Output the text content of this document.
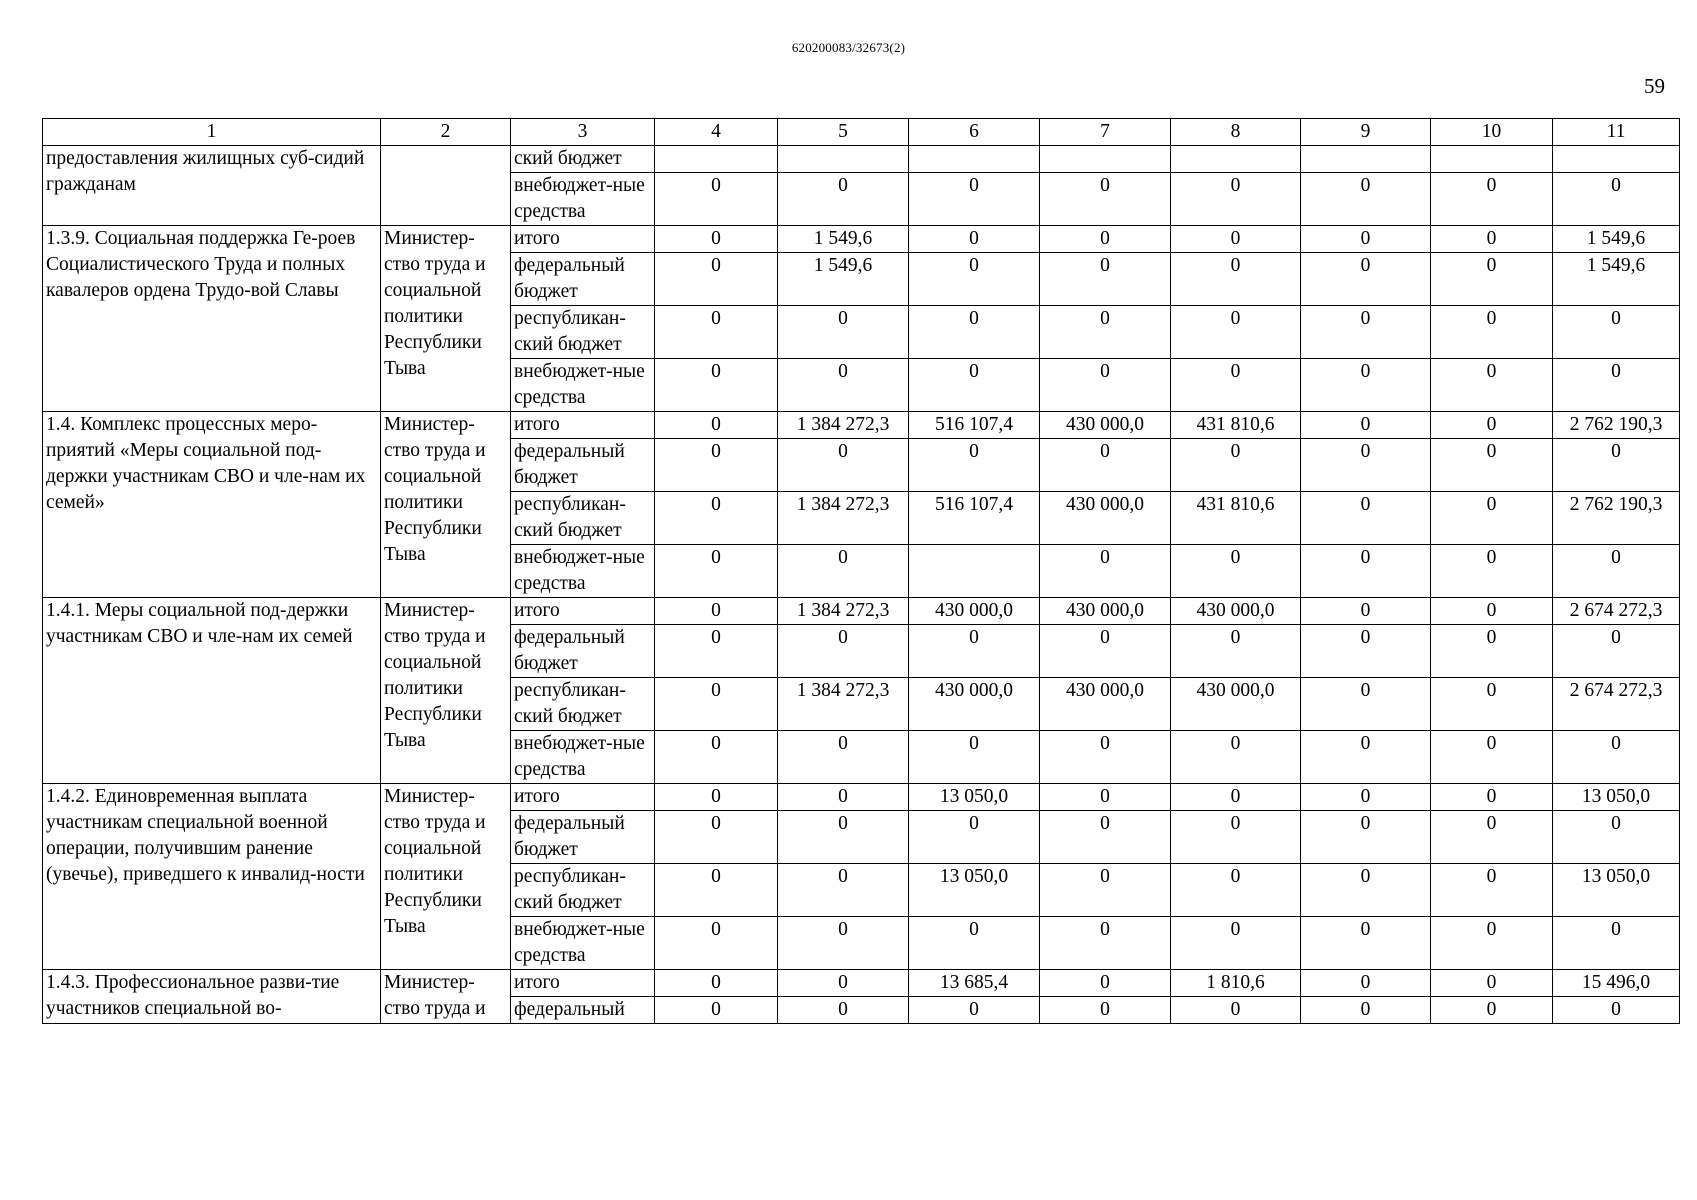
620200083/32673(2)
59
1	2	3	4	5	6	7	8	9	10	11
предоставления жилищных суб-сидий гражданам		ский бюджет								
		внебюджет-ные средства	0	0	0	0	0	0	0	0
1.3.9. Социальная поддержка Ге-роев Социалистического Труда и полных кавалеров ордена Трудо-вой Славы	Министер-ство труда и социальной политики Республики Тыва	итого	0	1 549,6	0	0	0	0	0	1 549,6
		федеральный бюджет	0	1 549,6	0	0	0	0	0	1 549,6
		республикан-ский бюджет	0	0	0	0	0	0	0	0
		внебюджет-ные средства	0	0	0	0	0	0	0	0
1.4. Комплекс процессных меро-приятий «Меры социальной под-держки участникам СВО и чле-нам их семей»	Министер-ство труда и социальной политики Республики Тыва	итого	0	1 384 272,3	516 107,4	430 000,0	431 810,6	0	0	2 762 190,3
		федеральный бюджет	0	0	0	0	0	0	0	0
		республикан-ский бюджет	0	1 384 272,3	516 107,4	430 000,0	431 810,6	0	0	2 762 190,3
		внебюджет-ные средства	0	0		0	0	0	0	0
1.4.1. Меры социальной под-держки участникам СВО и чле-нам их семей	Министер-ство труда и социальной политики Республики Тыва	итого	0	1 384 272,3	430 000,0	430 000,0	430 000,0	0	0	2 674 272,3
		федеральный бюджет	0	0	0	0	0	0	0	0
		республикан-ский бюджет	0	1 384 272,3	430 000,0	430 000,0	430 000,0	0	0	2 674 272,3
		внебюджет-ные средства	0	0	0	0	0	0	0	0
1.4.2. Единовременная выплата участникам специальной военной операции, получившим ранение (увечье), приведшего к инвалид-ности	Министер-ство труда и социальной политики Республики Тыва	итого	0	0	13 050,0	0	0	0	0	13 050,0
		федеральный бюджет	0	0	0	0	0	0	0	0
		республикан-ский бюджет	0	0	13 050,0	0	0	0	0	13 050,0
		внебюджет-ные средства	0	0	0	0	0	0	0	0
1.4.3. Профессиональное разви-тие участников специальной во-	Министер-ство труда и	итого	0	0	13 685,4	0	1 810,6	0	0	15 496,0
		федеральный	0	0	0	0	0	0	0	0
